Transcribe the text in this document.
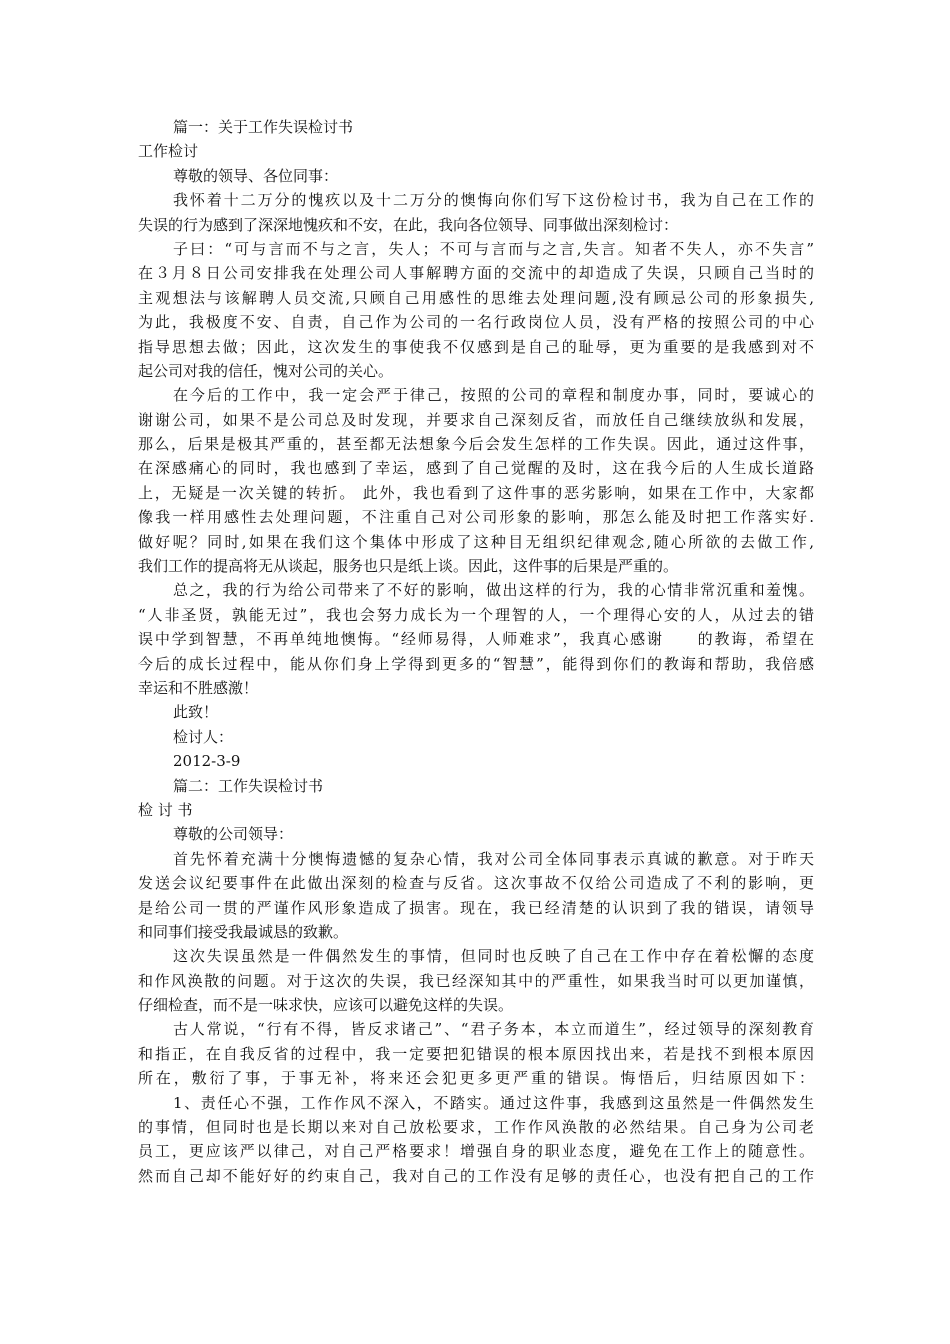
篇一：关于工作失误检讨书
工作检讨
尊敬的领导、各位同事：
我怀着十二万分的愧疚以及十二万分的懊悔向你们写下这份检讨书，我为自己在工作的
失误的行为感到了深深地愧疚和不安，在此，我向各位领导、同事做出深刻检讨：
子曰：“可与言而不与之言，失人；不可与言而与之言,失言。知者不失人，亦不失言”
在３月８日公司安排我在处理公司人事解聘方面的交流中的却造成了失误，只顾自己当时的
主观想法与该解聘人员交流,只顾自己用感性的思维去处理问题,没有顾忌公司的形象损失,
为此，我极度不安、自责，自己作为公司的一名行政岗位人员，没有严格的按照公司的中心
指导思想去做；因此，这次发生的事使我不仅感到是自己的耻辱，更为重要的是我感到对不
起公司对我的信任，愧对公司的关心。
在今后的工作中，我一定会严于律己，按照的公司的章程和制度办事，同时，要诚心的
谢谢公司，如果不是公司总及时发现，并要求自己深刻反省，而放任自己继续放纵和发展，
那么，后果是极其严重的，甚至都无法想象今后会发生怎样的工作失误。因此，通过这件事，
在深感痛心的同时，我也感到了幸运，感到了自己觉醒的及时，这在我今后的人生成长道路
上，无疑是一次关键的转折。 此外，我也看到了这件事的恶劣影响，如果在工作中，大家都
像我一样用感性去处理问题，不注重自己对公司形象的影响，那怎么能及时把工作落实好.
做好呢？同时,如果在我们这个集体中形成了这种目无组织纪律观念,随心所欲的去做工作,
我们工作的提高将无从谈起，服务也只是纸上谈。因此，这件事的后果是严重的。
总之，我的行为给公司带来了不好的影响，做出这样的行为，我的心情非常沉重和羞愧。
“人非圣贤，孰能无过”，我也会努力成长为一个理智的人，一个理得心安的人，从过去的错
误中学到智慧，不再单纯地懊悔。“经师易得，人师难求”，我真心感谢　　的教诲，希望在
今后的成长过程中，能从你们身上学得到更多的“智慧”，能得到你们的教诲和帮助，我倍感
幸运和不胜感激！
此致！
检讨人：
2012-3-9
篇二：工作失误检讨书
检 讨 书
尊敬的公司领导：
首先怀着充满十分懊悔遗憾的复杂心情，我对公司全体同事表示真诚的歉意。对于昨天
发送会议纪要事件在此做出深刻的检查与反省。这次事故不仅给公司造成了不利的影响，更
是给公司一贯的严谨作风形象造成了损害。现在，我已经清楚的认识到了我的错误，请领导
和同事们接受我最诚恳的致歉。
这次失误虽然是一件偶然发生的事情，但同时也反映了自己在工作中存在着松懈的态度
和作风涣散的问题。对于这次的失误，我已经深知其中的严重性，如果我当时可以更加谨慎，
仔细检查，而不是一味求快，应该可以避免这样的失误。
古人常说，“行有不得，皆反求诸己”、“君子务本，本立而道生”，经过领导的深刻教育
和指正，在自我反省的过程中，我一定要把犯错误的根本原因找出来，若是找不到根本原因
所在，敷衍了事，于事无补，将来还会犯更多更严重的错误。悔悟后，归结原因如下：
1、责任心不强，工作作风不深入，不踏实。通过这件事，我感到这虽然是一件偶然发生
的事情，但同时也是长期以来对自己放松要求，工作作风涣散的必然结果。自己身为公司老
员工，更应该严以律己，对自己严格要求！增强自身的职业态度，避免在工作上的随意性。
然而自己却不能好好的约束自己，我对自己的工作没有足够的责任心，也没有把自己的工作
